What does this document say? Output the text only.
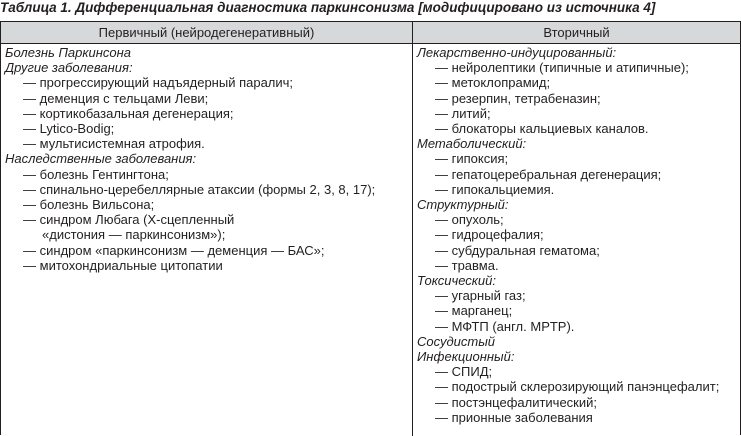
Таблица 1. Дифференциальная диагностика паркинсонизма [модифицировано из источника 4]
Первичный (нейродегенеративный)	Вторичный
Болезнь Паркинсона
Другие заболевания:
— прогрессирующий надъядерный паралич;
— деменция с тельцами Леви;
— кортикобазальная дегенерация;
— Lytico-Bodig;
— мультисистемная атрофия.
Наследственные заболевания:
— болезнь Гентингтона;
— спинально-церебеллярные атаксии (формы 2, 3, 8, 17);
— болезнь Вильсона;
— синдром Любага (Х-сцепленный
«дистония — паркинсонизм»);
— синдром «паркинсонизм — деменция — БАС»;
— митохондриальные цитопатии
Лекарственно-индуцированный:
— нейролептики (типичные и атипичные);
— метоклопрамид;
— резерпин, тетрабеназин;
— литий;
— блокаторы кальциевых каналов.
Метаболический:
— гипоксия;
— гепатоцеребральная дегенерация;
— гипокальциемия.
Структурный:
— опухоль;
— гидроцефалия;
— субдуральная гематома;
— травма.
Токсический:
— угарный газ;
— марганец;
— МФТП (англ. MPTP).
Сосудистый
Инфекционный:
— СПИД;
— подострый склерозирующий панэнцефалит;
— постэнцефалитический;
— прионные заболевания
